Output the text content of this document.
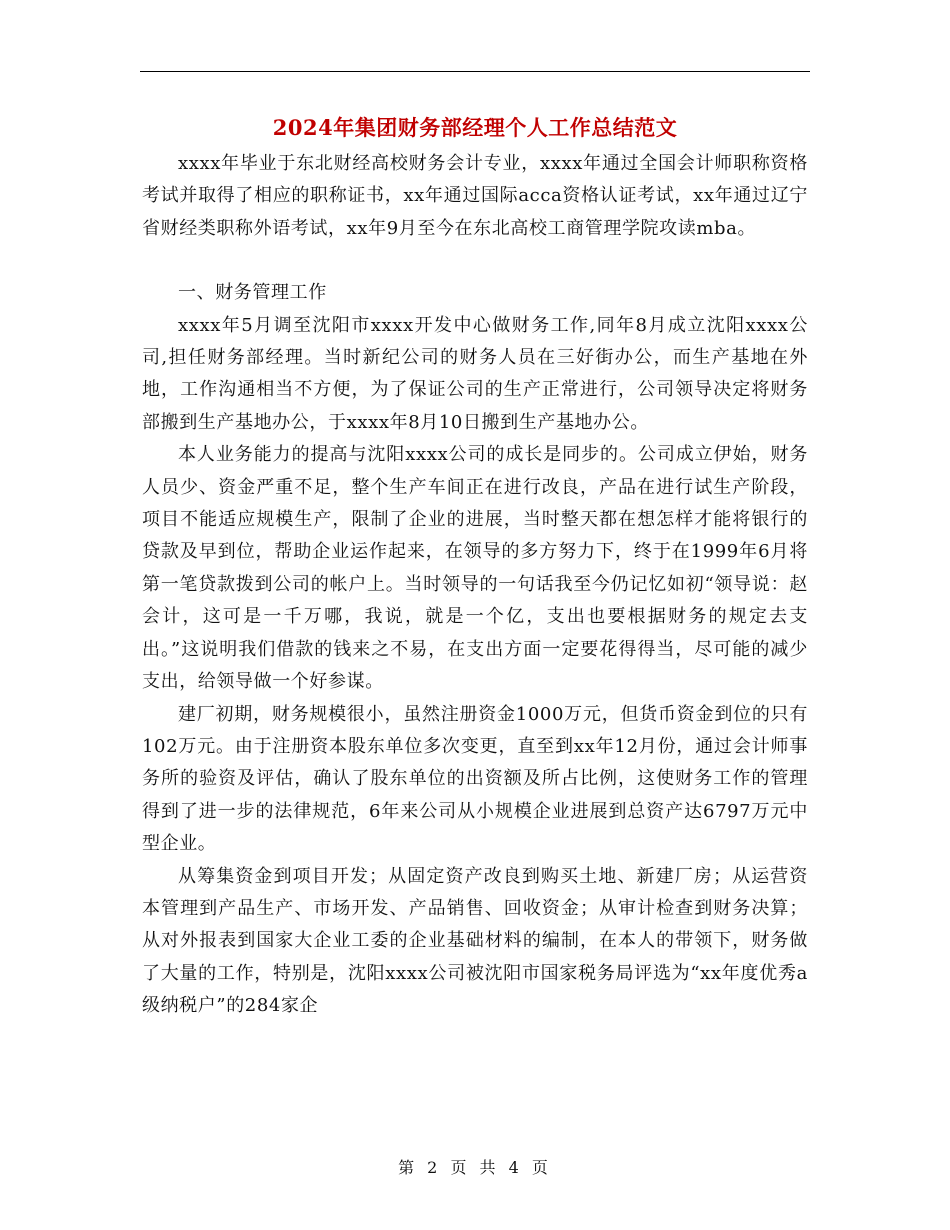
2024年集团财务部经理个人工作总结范文

xxxx年毕业于东北财经高校财务会计专业，xxxx年通过全国会计师职称资格考试并取得了相应的职称证书，xx年通过国际acca资格认证考试，xx年通过辽宁省财经类职称外语考试，xx年9月至今在东北高校工商管理学院攻读mba。

一、财务管理工作

xxxx年5月调至沈阳市xxxx开发中心做财务工作,同年8月成立沈阳xxxx公司,担任财务部经理。当时新纪公司的财务人员在三好街办公，而生产基地在外地，工作沟通相当不方便，为了保证公司的生产正常进行，公司领导决定将财务部搬到生产基地办公，于xxxx年8月10日搬到生产基地办公。

本人业务能力的提高与沈阳xxxx公司的成长是同步的。公司成立伊始，财务人员少、资金严重不足，整个生产车间正在进行改良，产品在进行试生产阶段，项目不能适应规模生产，限制了企业的进展，当时整天都在想怎样才能将银行的贷款及早到位，帮助企业运作起来，在领导的多方努力下，终于在1999年6月将第一笔贷款拨到公司的帐户上。当时领导的一句话我至今仍记忆如初“领导说：赵会计，这可是一千万哪，我说，就是一个亿，支出也要根据财务的规定去支出。”这说明我们借款的钱来之不易，在支出方面一定要花得得当，尽可能的减少支出，给领导做一个好参谋。

建厂初期，财务规模很小，虽然注册资金1000万元，但货币资金到位的只有102万元。由于注册资本股东单位多次变更，直至到xx年12月份，通过会计师事务所的验资及评估，确认了股东单位的出资额及所占比例，这使财务工作的管理得到了进一步的法律规范，6年来公司从小规模企业进展到总资产达6797万元中型企业。

从筹集资金到项目开发；从固定资产改良到购买土地、新建厂房；从运营资本管理到产品生产、市场开发、产品销售、回收资金；从审计检查到财务决算；从对外报表到国家大企业工委的企业基础材料的编制，在本人的带领下，财务做了大量的工作，特别是，沈阳xxxx公司被沈阳市国家税务局评选为“xx年度优秀a级纳税户”的284家企

第 2 页 共 4 页
